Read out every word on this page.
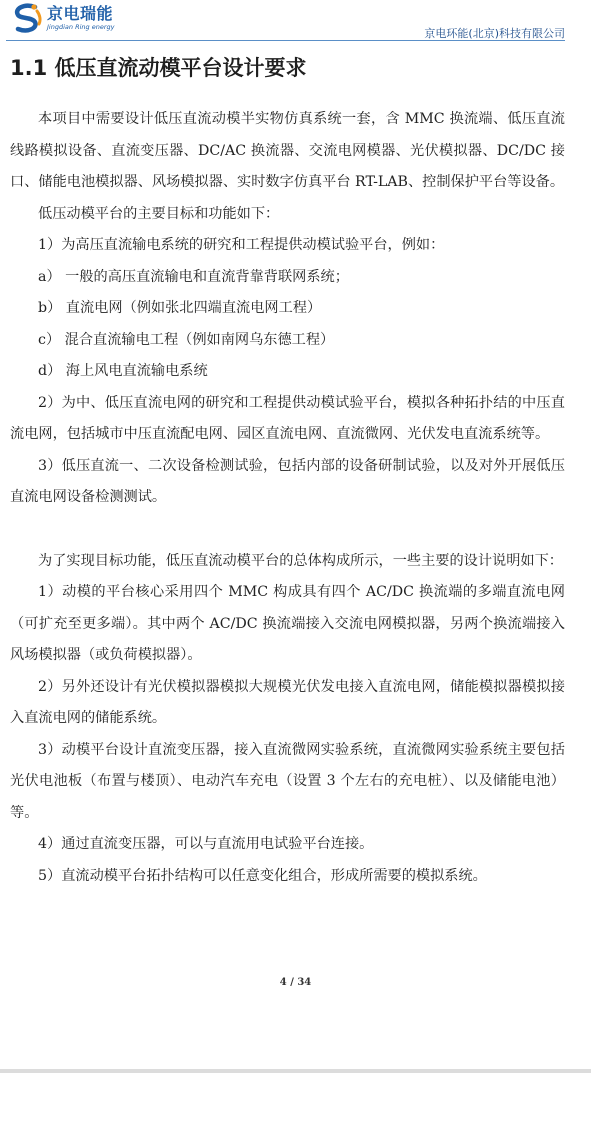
京电瑞能
Jingdian Ring energy
京电环能(北京)科技有限公司
1.1 低压直流动模平台设计要求

本项目中需要设计低压直流动模半实物仿真系统一套，含 MMC 换流端、低压直流线路模拟设备、直流变压器、DC/AC 换流器、交流电网模器、光伏模拟器、DC/DC 接口、储能电池模拟器、风场模拟器、实时数字仿真平台 RT-LAB、控制保护平台等设备。

低压动模平台的主要目标和功能如下：

1）为高压直流输电系统的研究和工程提供动模试验平台，例如：

a） 一般的高压直流输电和直流背靠背联网系统；

b） 直流电网（例如张北四端直流电网工程）

c） 混合直流输电工程（例如南网乌东德工程）

d） 海上风电直流输电系统

2）为中、低压直流电网的研究和工程提供动模试验平台，模拟各种拓扑结的中压直流电网，包括城市中压直流配电网、园区直流电网、直流微网、光伏发电直流系统等。

3）低压直流一、二次设备检测试验，包括内部的设备研制试验，以及对外开展低压直流电网设备检测测试。

为了实现目标功能，低压直流动模平台的总体构成所示，一些主要的设计说明如下：

1）动模的平台核心采用四个 MMC 构成具有四个 AC/DC 换流端的多端直流电网（可扩充至更多端）。其中两个 AC/DC 换流端接入交流电网模拟器，另两个换流端接入风场模拟器（或负荷模拟器）。

2）另外还设计有光伏模拟器模拟大规模光伏发电接入直流电网，储能模拟器模拟接入直流电网的储能系统。

3）动模平台设计直流变压器，接入直流微网实验系统，直流微网实验系统主要包括光伏电池板（布置与楼顶）、电动汽车充电（设置 3 个左右的充电桩）、以及储能电池）等。

4）通过直流变压器，可以与直流用电试验平台连接。

5）直流动模平台拓扑结构可以任意变化组合，形成所需要的模拟系统。

4 / 34
